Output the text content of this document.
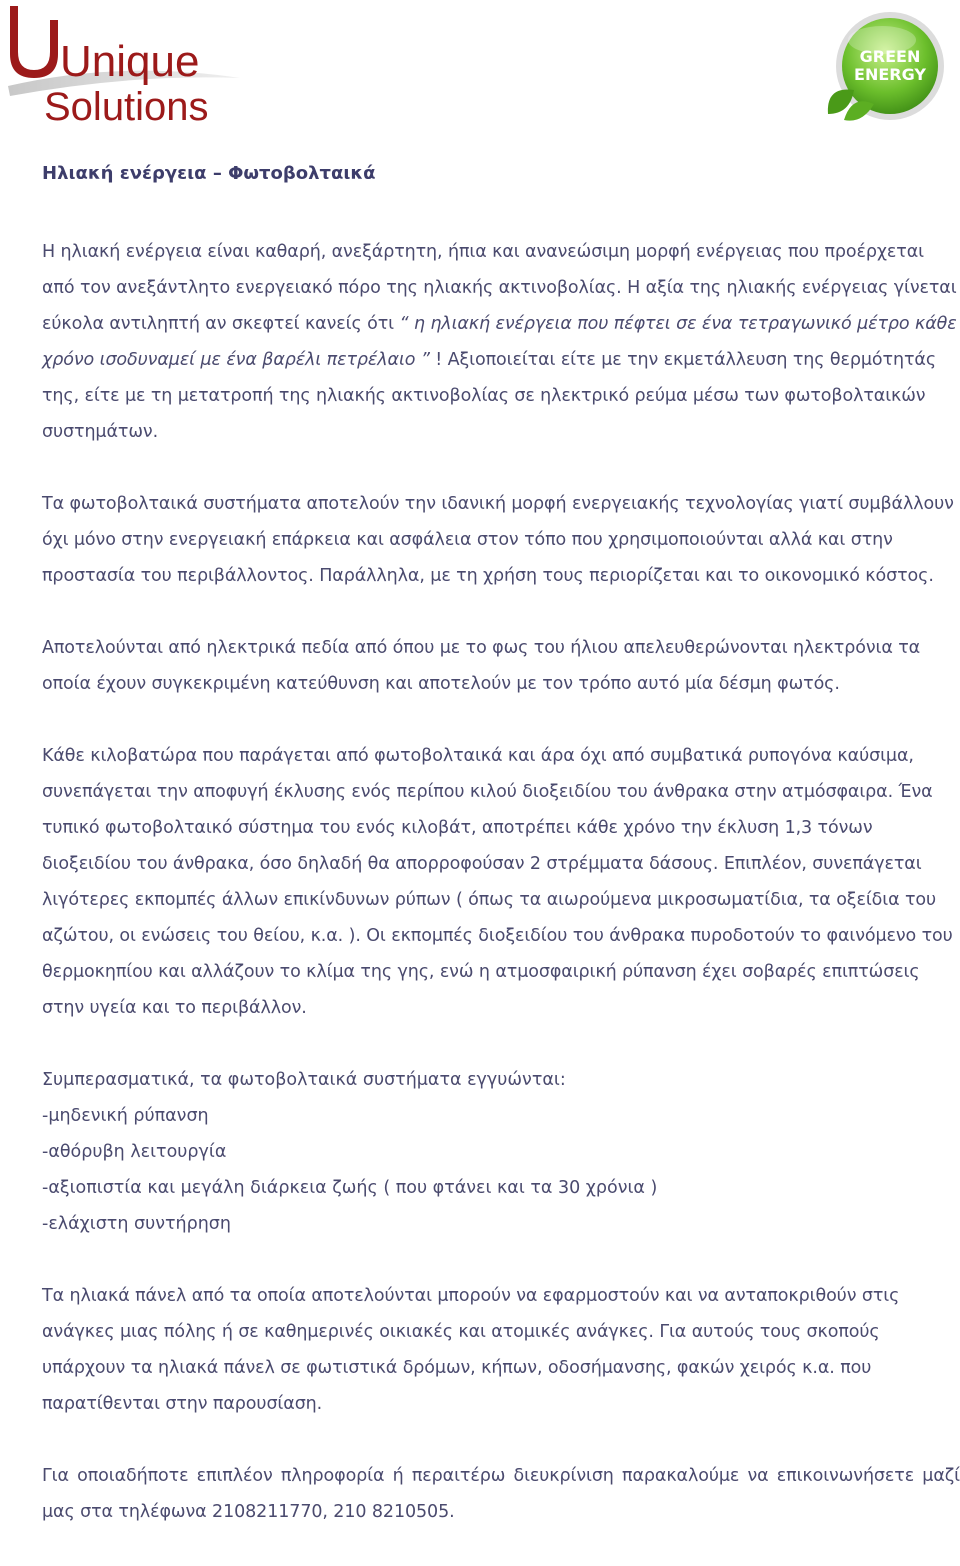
Unique
Solutions
GREEN
ENERGY
Ηλιακή ενέργεια – Φωτοβολταικά

Η ηλιακή ενέργεια είναι καθαρή, ανεξάρτητη, ήπια και ανανεώσιμη μορφή ενέργειας που προέρχεται από τον ανεξάντλητο ενεργειακό πόρο της ηλιακής ακτινοβολίας. Η αξία της ηλιακής ενέργειας γίνεται εύκολα αντιληπτή αν σκεφτεί κανείς ότι “ η ηλιακή ενέργεια που πέφτει σε ένα τετραγωνικό μέτρο κάθε χρόνο ισοδυναμεί με ένα βαρέλι πετρέλαιο ” ! Αξιοποιείται είτε με την εκμετάλλευση της θερμότητάς της, είτε με τη μετατροπή της ηλιακής ακτινοβολίας σε ηλεκτρικό ρεύμα μέσω των φωτοβολταικών συστημάτων.

Τα φωτοβολταικά συστήματα αποτελούν την ιδανική μορφή ενεργειακής τεχνολογίας γιατί συμβάλλουν όχι μόνο στην ενεργειακή επάρκεια και ασφάλεια στον τόπο που χρησιμοποιούνται αλλά και στην προστασία του περιβάλλοντος. Παράλληλα, με τη χρήση τους περιορίζεται και το οικονομικό κόστος.

Αποτελούνται από ηλεκτρικά πεδία από όπου με το φως του ήλιου απελευθερώνονται ηλεκτρόνια τα οποία έχουν συγκεκριμένη κατεύθυνση και αποτελούν με τον τρόπο αυτό μία δέσμη φωτός.

Κάθε κιλοβατώρα που παράγεται από φωτοβολταικά και άρα όχι από συμβατικά ρυπογόνα καύσιμα, συνεπάγεται την αποφυγή έκλυσης ενός περίπου κιλού διοξειδίου του άνθρακα στην ατμόσφαιρα. Ένα τυπικό φωτοβολταικό σύστημα του ενός κιλοβάτ, αποτρέπει κάθε χρόνο την έκλυση 1,3 τόνων διοξειδίου του άνθρακα, όσο δηλαδή θα απορροφούσαν 2 στρέμματα δάσους. Επιπλέον, συνεπάγεται λιγότερες εκπομπές άλλων επικίνδυνων ρύπων ( όπως τα αιωρούμενα μικροσωματίδια, τα οξείδια του αζώτου, οι ενώσεις του θείου, κ.α. ). Οι εκπομπές διοξειδίου του άνθρακα πυροδοτούν το φαινόμενο του θερμοκηπίου και αλλάζουν το κλίμα της γης, ενώ η ατμοσφαιρική ρύπανση έχει σοβαρές επιπτώσεις στην υγεία και το περιβάλλον.

Συμπερασματικά, τα φωτοβολταικά συστήματα εγγυώνται:
-μηδενική ρύπανση
-αθόρυβη λειτουργία
-αξιοπιστία και μεγάλη διάρκεια ζωής ( που φτάνει και τα 30 χρόνια )
-ελάχιστη συντήρηση

Τα ηλιακά πάνελ από τα οποία αποτελούνται μπορούν να εφαρμοστούν και να ανταποκριθούν στις ανάγκες μιας πόλης ή σε καθημερινές οικιακές και ατομικές ανάγκες. Για αυτούς τους σκοπούς υπάρχουν τα ηλιακά πάνελ σε φωτιστικά δρόμων, κήπων, οδοσήμανσης, φακών χειρός κ.α. που παρατίθενται στην παρουσίαση.

Για οποιαδήποτε επιπλέον πληροφορία ή περαιτέρω διευκρίνιση παρακαλούμε να επικοινωνήσετε μαζί μας στα τηλέφωνα 2108211770, 210 8210505.
